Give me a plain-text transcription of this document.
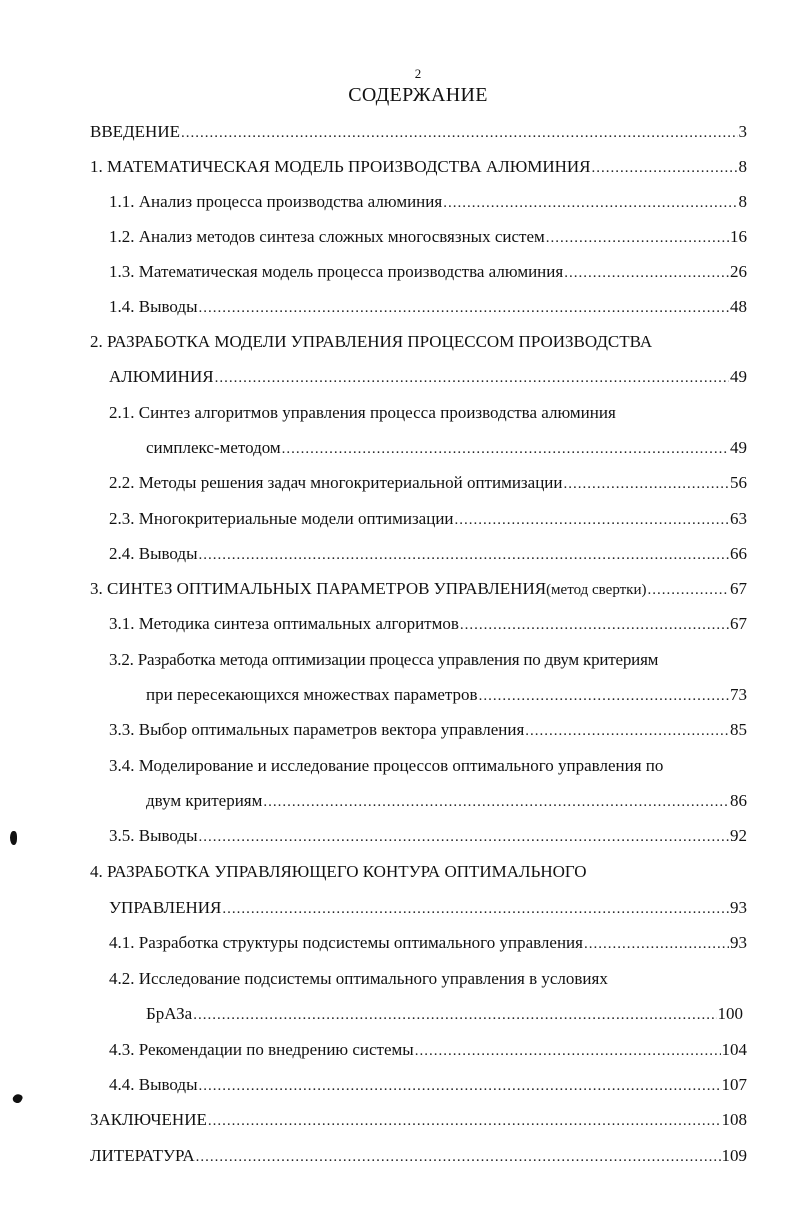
2
СОДЕРЖАНИЕ
ВВЕДЕНИЕ .....	3
1. МАТЕМАТИЧЕСКАЯ МОДЕЛЬ ПРОИЗВОДСТВА АЛЮМИНИЯ .....	8
1.1. Анализ процесса производства алюминия .....	8
1.2. Анализ методов синтеза сложных многосвязных систем .....	16
1.3. Математическая модель процесса производства алюминия .....	26
1.4. Выводы .....	48
2. РАЗРАБОТКА МОДЕЛИ УПРАВЛЕНИЯ ПРОЦЕССОМ ПРОИЗВОДСТВА
АЛЮМИНИЯ .....	49
2.1. Синтез алгоритмов управления процесса производства алюминия
симплекс-методом .....	49
2.2. Методы решения задач многокритериальной оптимизации .....	56
2.3. Многокритериальные модели оптимизации .....	63
2.4. Выводы .....	66
3. СИНТЕЗ ОПТИМАЛЬНЫХ ПАРАМЕТРОВ УПРАВЛЕНИЯ (метод свертки) .....	67
3.1. Методика синтеза оптимальных алгоритмов .....	67
3.2. Разработка метода оптимизации процесса управления по двум критериям
при пересекающихся множествах параметров .....	73
3.3. Выбор оптимальных параметров вектора управления .....	85
3.4. Моделирование и исследование процессов оптимального управления по
двум критериям .....	86
3.5. Выводы .....	92
4. РАЗРАБОТКА УПРАВЛЯЮЩЕГО КОНТУРА ОПТИМАЛЬНОГО
УПРАВЛЕНИЯ .....	93
4.1. Разработка структуры подсистемы оптимального управления .....	93
4.2. Исследование подсистемы оптимального управления в условиях
БрАЗа .....	100
4.3. Рекомендации по внедрению системы .....	104
4.4. Выводы .....	107
ЗАКЛЮЧЕНИЕ .....	108
ЛИТЕРАТУРА .....	109
